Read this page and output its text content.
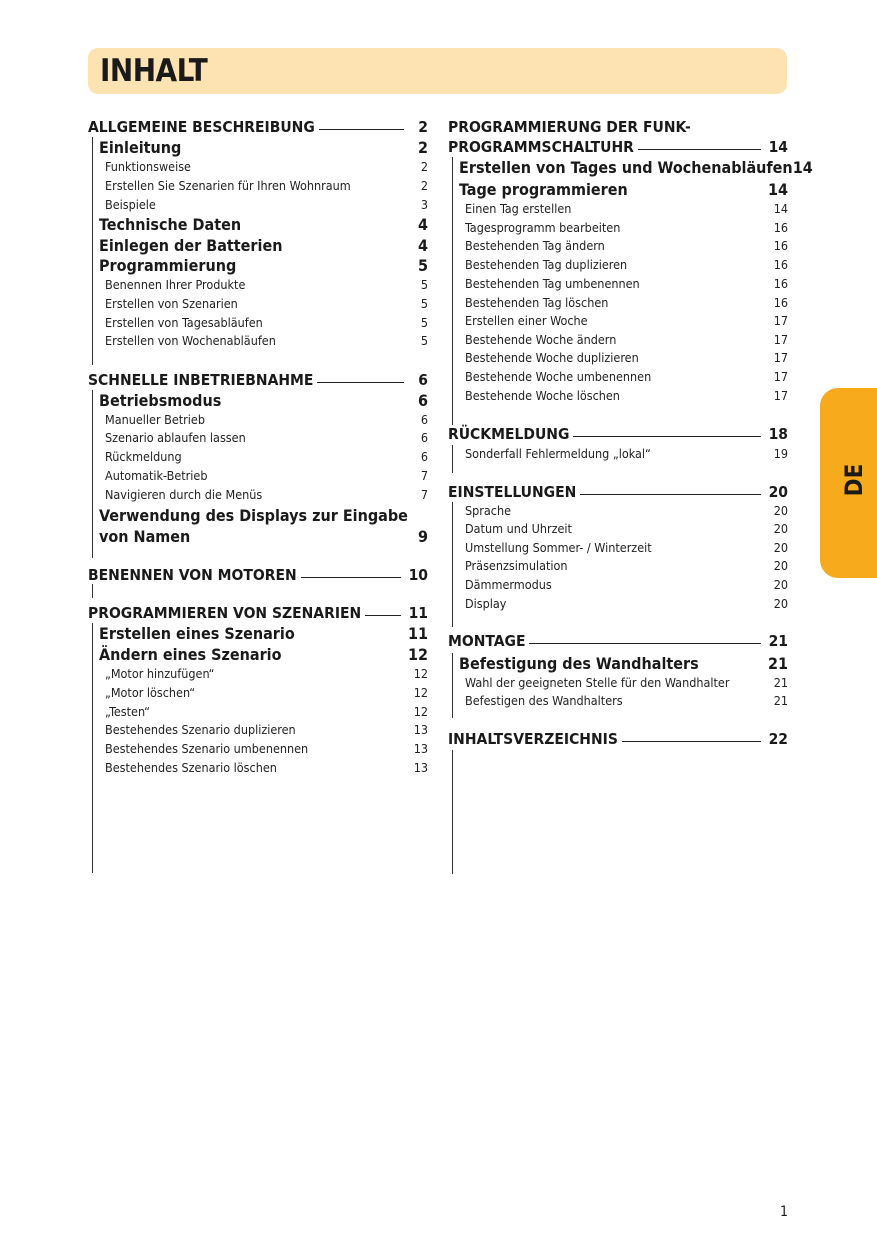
INHALT
ALLGEMEINE BESCHREIBUNG	2
Einleitung	2
Funktionsweise	2
Erstellen Sie Szenarien für Ihren Wohnraum	2
Beispiele	3
Technische Daten	4
Einlegen der Batterien	4
Programmierung	5
Benennen Ihrer Produkte	5
Erstellen von Szenarien	5
Erstellen von Tagesabläufen	5
Erstellen von Wochenabläufen	5
SCHNELLE INBETRIEBNAHME	6
Betriebsmodus	6
Manueller Betrieb	6
Szenario ablaufen lassen	6
Rückmeldung	6
Automatik-Betrieb	7
Navigieren durch die Menüs	7
Verwendung des Displays zur Eingabe
von Namen	9
BENENNEN VON MOTOREN	10
PROGRAMMIEREN VON SZENARIEN	11
Erstellen eines Szenario	11
Ändern eines Szenario	12
„Motor hinzufügen“	12
„Motor löschen“	12
„Testen“	12
Bestehendes Szenario duplizieren	13
Bestehendes Szenario umbenennen	13
Bestehendes Szenario löschen	13
PROGRAMMIERUNG DER FUNK-
PROGRAMMSCHALTUHR	14
Erstellen von Tages und Wochenabläufen 14
Tage programmieren	14
Einen Tag erstellen	14
Tagesprogramm bearbeiten	16
Bestehenden Tag ändern	16
Bestehenden Tag duplizieren	16
Bestehenden Tag umbenennen	16
Bestehenden Tag löschen	16
Erstellen einer Woche	17
Bestehende Woche ändern	17
Bestehende Woche duplizieren	17
Bestehende Woche umbenennen	17
Bestehende Woche löschen	17
RÜCKMELDUNG	18
Sonderfall Fehlermeldung „lokal“	19
EINSTELLUNGEN	20
Sprache	20
Datum und Uhrzeit	20
Umstellung Sommer- / Winterzeit	20
Präsenzsimulation	20
Dämmermodus	20
Display	20
MONTAGE	21
Befestigung des Wandhalters	21
Wahl der geeigneten Stelle für den Wandhalter	21
Befestigen des Wandhalters	21
INHALTSVERZEICHNIS	22
DE
1
